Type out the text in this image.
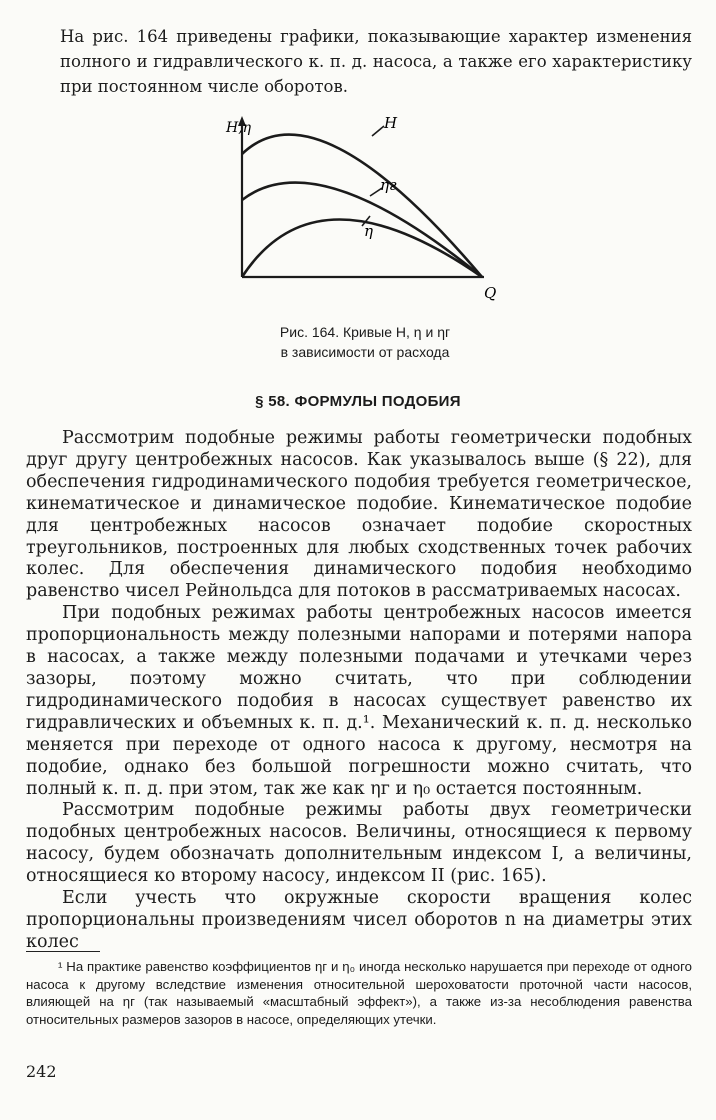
На рис. 164 приведены графики, показывающие характер изменения полного и гидравлического к. п. д. насоса, а также его характеристику при постоянном числе оборотов.

H,η
Q
H
ηг
η
Рис. 164. Кривые H, η и ηг
в зависимости от расхода
§ 58. ФОРМУЛЫ ПОДОБИЯ

Рассмотрим подобные режимы работы геометрически подобных друг другу центробежных насосов. Как указывалось выше (§ 22), для обеспечения гидродинамического подобия требуется геометрическое, кинематическое и динамическое подобие. Кинематическое подобие для центробежных насосов означает подобие скоростных треугольников, построенных для любых сходственных точек рабочих колес. Для обеспечения динамического подобия необходимо равенство чисел Рейнольдса для потоков в рассматриваемых насосах.

При подобных режимах работы центробежных насосов имеется пропорциональность между полезными напорами и потерями напора в насосах, а также между полезными подачами и утечками через зазоры, поэтому можно считать, что при соблюдении гидродинамического подобия в насосах существует равенство их гидравлических и объемных к. п. д.¹. Механический к. п. д. несколько меняется при переходе от одного насоса к другому, несмотря на подобие, однако без большой погрешности можно считать, что полный к. п. д. при этом, так же как ηг и η₀ остается постоянным.

Рассмотрим подобные режимы работы двух геометрически подобных центробежных насосов. Величины, относящиеся к первому насосу, будем обозначать дополнительным индексом I, а величины, относящиеся ко второму насосу, индексом II (рис. 165).

Если учесть что окружные скорости вращения колес пропорциональны произведениям чисел оборотов n на диаметры этих колес

¹ На практике равенство коэффициентов ηг и η₀ иногда несколько нарушается при переходе от одного насоса к другому вследствие изменения относительной шероховатости проточной части насосов, влияющей на ηг (так называемый «масштабный эффект»), а также из-за несоблюдения равенства относительных размеров зазоров в насосе, определяющих утечки.

242
